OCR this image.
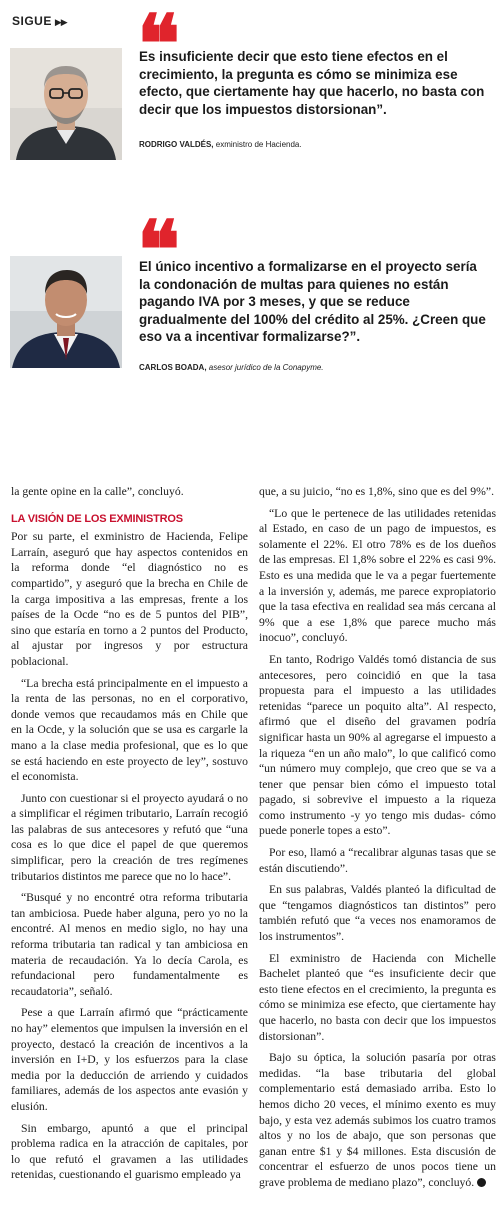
SIGUE ▶▶ ❝
Es insuficiente decir que esto tiene efectos en el crecimiento, la pregunta es cómo se minimiza ese efecto, que ciertamente hay que hacerlo, no basta con decir que los impuestos distorsionan”.
RODRIGO VALDÉS, exministro de Hacienda.
❝
El único incentivo a formalizarse en el proyecto sería la condonación de multas para quienes no están pagando IVA por 3 meses, y que se reduce gradualmente del 100% del crédito al 25%. ¿Creen que eso va a incentivar formalizarse?”.
CARLOS BOADA, asesor jurídico de la Conapyme.

la gente opine en la calle”, concluyó.

LA VISIÓN DE LOS EXMINISTROS

Por su parte, el exministro de Hacienda, Felipe Larraín, aseguró que hay aspectos contenidos en la reforma donde “el diagnóstico no es compartido”, y aseguró que la brecha en Chile de la carga impositiva a las empresas, frente a los países de la Ocde “no es de 5 puntos del PIB”, sino que estaría en torno a 2 puntos del Producto, al ajustar por ingresos y por estructura poblacional.

“La brecha está principalmente en el impuesto a la renta de las personas, no en el corporativo, donde vemos que recaudamos más en Chile que en la Ocde, y la solución que se usa es cargarle la mano a la clase media profesional, que es lo que se está haciendo en este proyecto de ley”, sostuvo el economista.

Junto con cuestionar si el proyecto ayudará o no a simplificar el régimen tributario, Larraín recogió las palabras de sus antecesores y refutó que “una cosa es lo que dice el papel de que queremos simplificar, pero la creación de tres regímenes tributarios distintos me parece que no lo hace”.

“Busqué y no encontré otra reforma tributaria tan ambiciosa. Puede haber alguna, pero yo no la encontré. Al menos en medio siglo, no hay una reforma tributaria tan radical y tan ambiciosa en materia de recaudación. Ya lo decía Carola, es refundacional pero fundamentalmente es recaudatoria”, señaló.

Pese a que Larraín afirmó que “prácticamente no hay” elementos que impulsen la inversión en el proyecto, destacó la creación de incentivos a la inversión en I+D, y los esfuerzos para la clase media por la deducción de arriendo y cuidados familiares, además de los aspectos ante evasión y elusión.

Sin embargo, apuntó a que el principal problema radica en la atracción de capitales, por lo que refutó el gravamen a las utilidades retenidas, cuestionando el guarismo empleado ya

que, a su juicio, “no es 1,8%, sino que es del 9%”.

“Lo que le pertenece de las utilidades retenidas al Estado, en caso de un pago de impuestos, es solamente el 22%. El otro 78% es de los dueños de las empresas. El 1,8% sobre el 22% es casi 9%. Esto es una medida que le va a pegar fuertemente a la inversión y, además, me parece expropiatorio que la tasa efectiva en realidad sea más cercana al 9% que a ese 1,8% que parece mucho más inocuo”, concluyó.

En tanto, Rodrigo Valdés tomó distancia de sus antecesores, pero coincidió en que la tasa propuesta para el impuesto a las utilidades retenidas “parece un poquito alta”. Al respecto, afirmó que el diseño del gravamen podría significar hasta un 90% al agregarse el impuesto a la riqueza “en un año malo”, lo que calificó como “un número muy complejo, que creo que se va a tener que pensar bien cómo el impuesto total pagado, si sobrevive el impuesto a la riqueza como instrumento -y yo tengo mis dudas- cómo puede ponerle topes a esto”.

Por eso, llamó a “recalibrar algunas tasas que se están discutiendo”.

En sus palabras, Valdés planteó la dificultad de que “tengamos diagnósticos tan distintos” pero también refutó que “a veces nos enamoramos de los instrumentos”.

El exministro de Hacienda con Michelle Bachelet planteó que “es insuficiente decir que esto tiene efectos en el crecimiento, la pregunta es cómo se minimiza ese efecto, que ciertamente hay que hacerlo, no basta con decir que los impuestos distorsionan”.

Bajo su óptica, la solución pasaría por otras medidas. “la base tributaria del global complementario está demasiado arriba. Esto lo hemos dicho 20 veces, el mínimo exento es muy bajo, y esta vez además subimos los cuatro tramos altos y no los de abajo, que son personas que ganan entre $1 y $4 millones. Esta discusión de concentrar el esfuerzo de unos pocos tiene un grave problema de mediano plazo”, concluyó.
